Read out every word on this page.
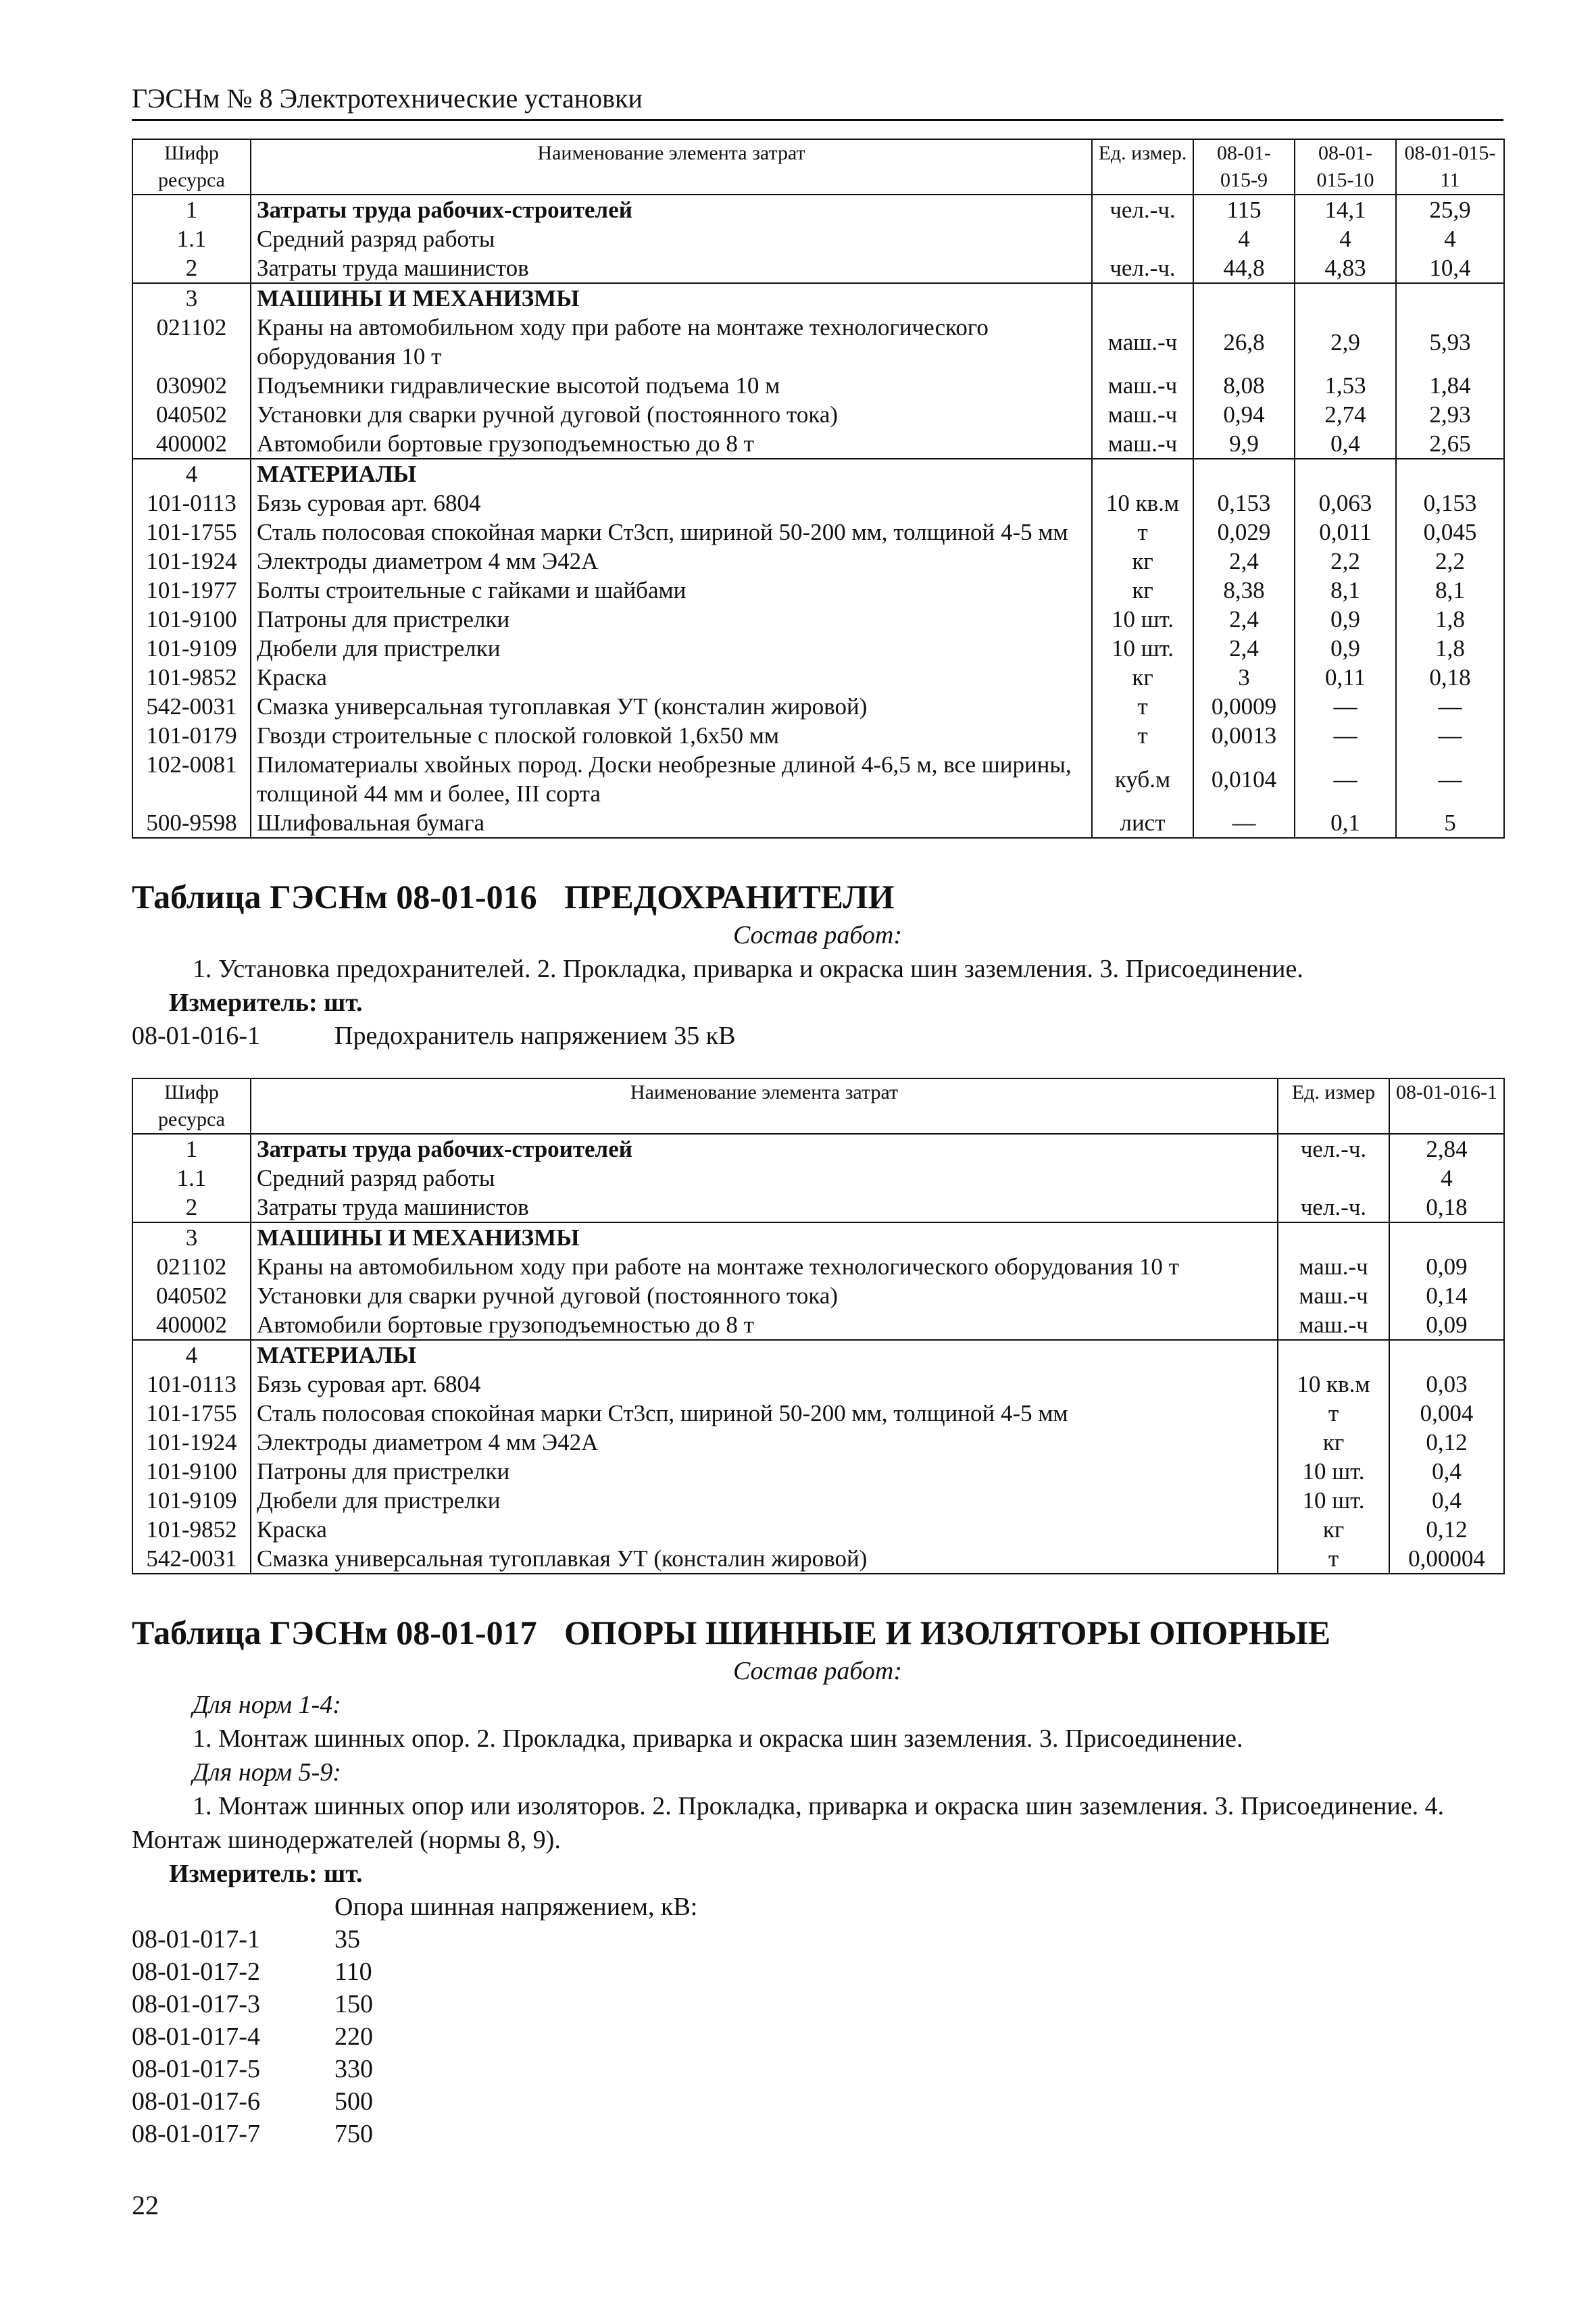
ГЭСНм № 8 Электротехнические установки
Шифр ресурса	Наименование элемента затрат	Ед. измер.	08-01-015-9	08-01-015-10	08-01-015-11
1	Затраты труда рабочих-строителей	чел.-ч.	115	14,1	25,9
1.1	Средний разряд работы		4	4	4
2	Затраты труда машинистов	чел.-ч.	44,8	4,83	10,4
3	МАШИНЫ И МЕХАНИЗМЫ				
021102	Краны на автомобильном ходу при работе на монтаже технологического оборудования 10 т	маш.-ч	26,8	2,9	5,93
030902	Подъемники гидравлические высотой подъема 10 м	маш.-ч	8,08	1,53	1,84
040502	Установки для сварки ручной дуговой (постоянного тока)	маш.-ч	0,94	2,74	2,93
400002	Автомобили бортовые грузоподъемностью до 8 т	маш.-ч	9,9	0,4	2,65
4	МАТЕРИАЛЫ				
101-0113	Бязь суровая арт. 6804	10 кв.м	0,153	0,063	0,153
101-1755	Сталь полосовая спокойная марки Ст3сп, шириной 50-200 мм, толщиной 4-5 мм	т	0,029	0,011	0,045
101-1924	Электроды диаметром 4 мм Э42А	кг	2,4	2,2	2,2
101-1977	Болты строительные с гайками и шайбами	кг	8,38	8,1	8,1
101-9100	Патроны для пристрелки	10 шт.	2,4	0,9	1,8
101-9109	Дюбели для пристрелки	10 шт.	2,4	0,9	1,8
101-9852	Краска	кг	3	0,11	0,18
542-0031	Смазка универсальная тугоплавкая УТ (консталин жировой)	т	0,0009	—	—
101-0179	Гвозди строительные с плоской головкой 1,6х50 мм	т	0,0013	—	—
102-0081	Пиломатериалы хвойных пород. Доски необрезные длиной 4-6,5 м, все ширины, толщиной 44 мм и более, III сорта	куб.м	0,0104	—	—
500-9598	Шлифовальная бумага	лист	—	0,1	5
Таблица ГЭСНм 08-01-016 ПРЕДОХРАНИТЕЛИ
Состав работ:
1. Установка предохранителей. 2. Прокладка, приварка и окраска шин заземления. 3. Присоединение.
Измеритель: шт.
08-01-016-1	Предохранитель напряжением 35 кВ
Шифр ресурса	Наименование элемента затрат	Ед. измер	08-01-016-1
1	Затраты труда рабочих-строителей	чел.-ч.	2,84
1.1	Средний разряд работы		4
2	Затраты труда машинистов	чел.-ч.	0,18
3	МАШИНЫ И МЕХАНИЗМЫ		
021102	Краны на автомобильном ходу при работе на монтаже технологического оборудования 10 т	маш.-ч	0,09
040502	Установки для сварки ручной дуговой (постоянного тока)	маш.-ч	0,14
400002	Автомобили бортовые грузоподъемностью до 8 т	маш.-ч	0,09
4	МАТЕРИАЛЫ		
101-0113	Бязь суровая арт. 6804	10 кв.м	0,03
101-1755	Сталь полосовая спокойная марки Ст3сп, шириной 50-200 мм, толщиной 4-5 мм	т	0,004
101-1924	Электроды диаметром 4 мм Э42А	кг	0,12
101-9100	Патроны для пристрелки	10 шт.	0,4
101-9109	Дюбели для пристрелки	10 шт.	0,4
101-9852	Краска	кг	0,12
542-0031	Смазка универсальная тугоплавкая УТ (консталин жировой)	т	0,00004
Таблица ГЭСНм 08-01-017 ОПОРЫ ШИННЫЕ И ИЗОЛЯТОРЫ ОПОРНЫЕ
Состав работ:
Для норм 1-4:
1. Монтаж шинных опор. 2. Прокладка, приварка и окраска шин заземления. 3. Присоединение.
Для норм 5-9:
1. Монтаж шинных опор или изоляторов. 2. Прокладка, приварка и окраска шин заземления. 3. Присоединение. 4. Монтаж шинодержателей (нормы 8, 9).
Измеритель: шт.
Опора шинная напряжением, кВ:
08-01-017-1	35
08-01-017-2	110
08-01-017-3	150
08-01-017-4	220
08-01-017-5	330
08-01-017-6	500
08-01-017-7	750
22
